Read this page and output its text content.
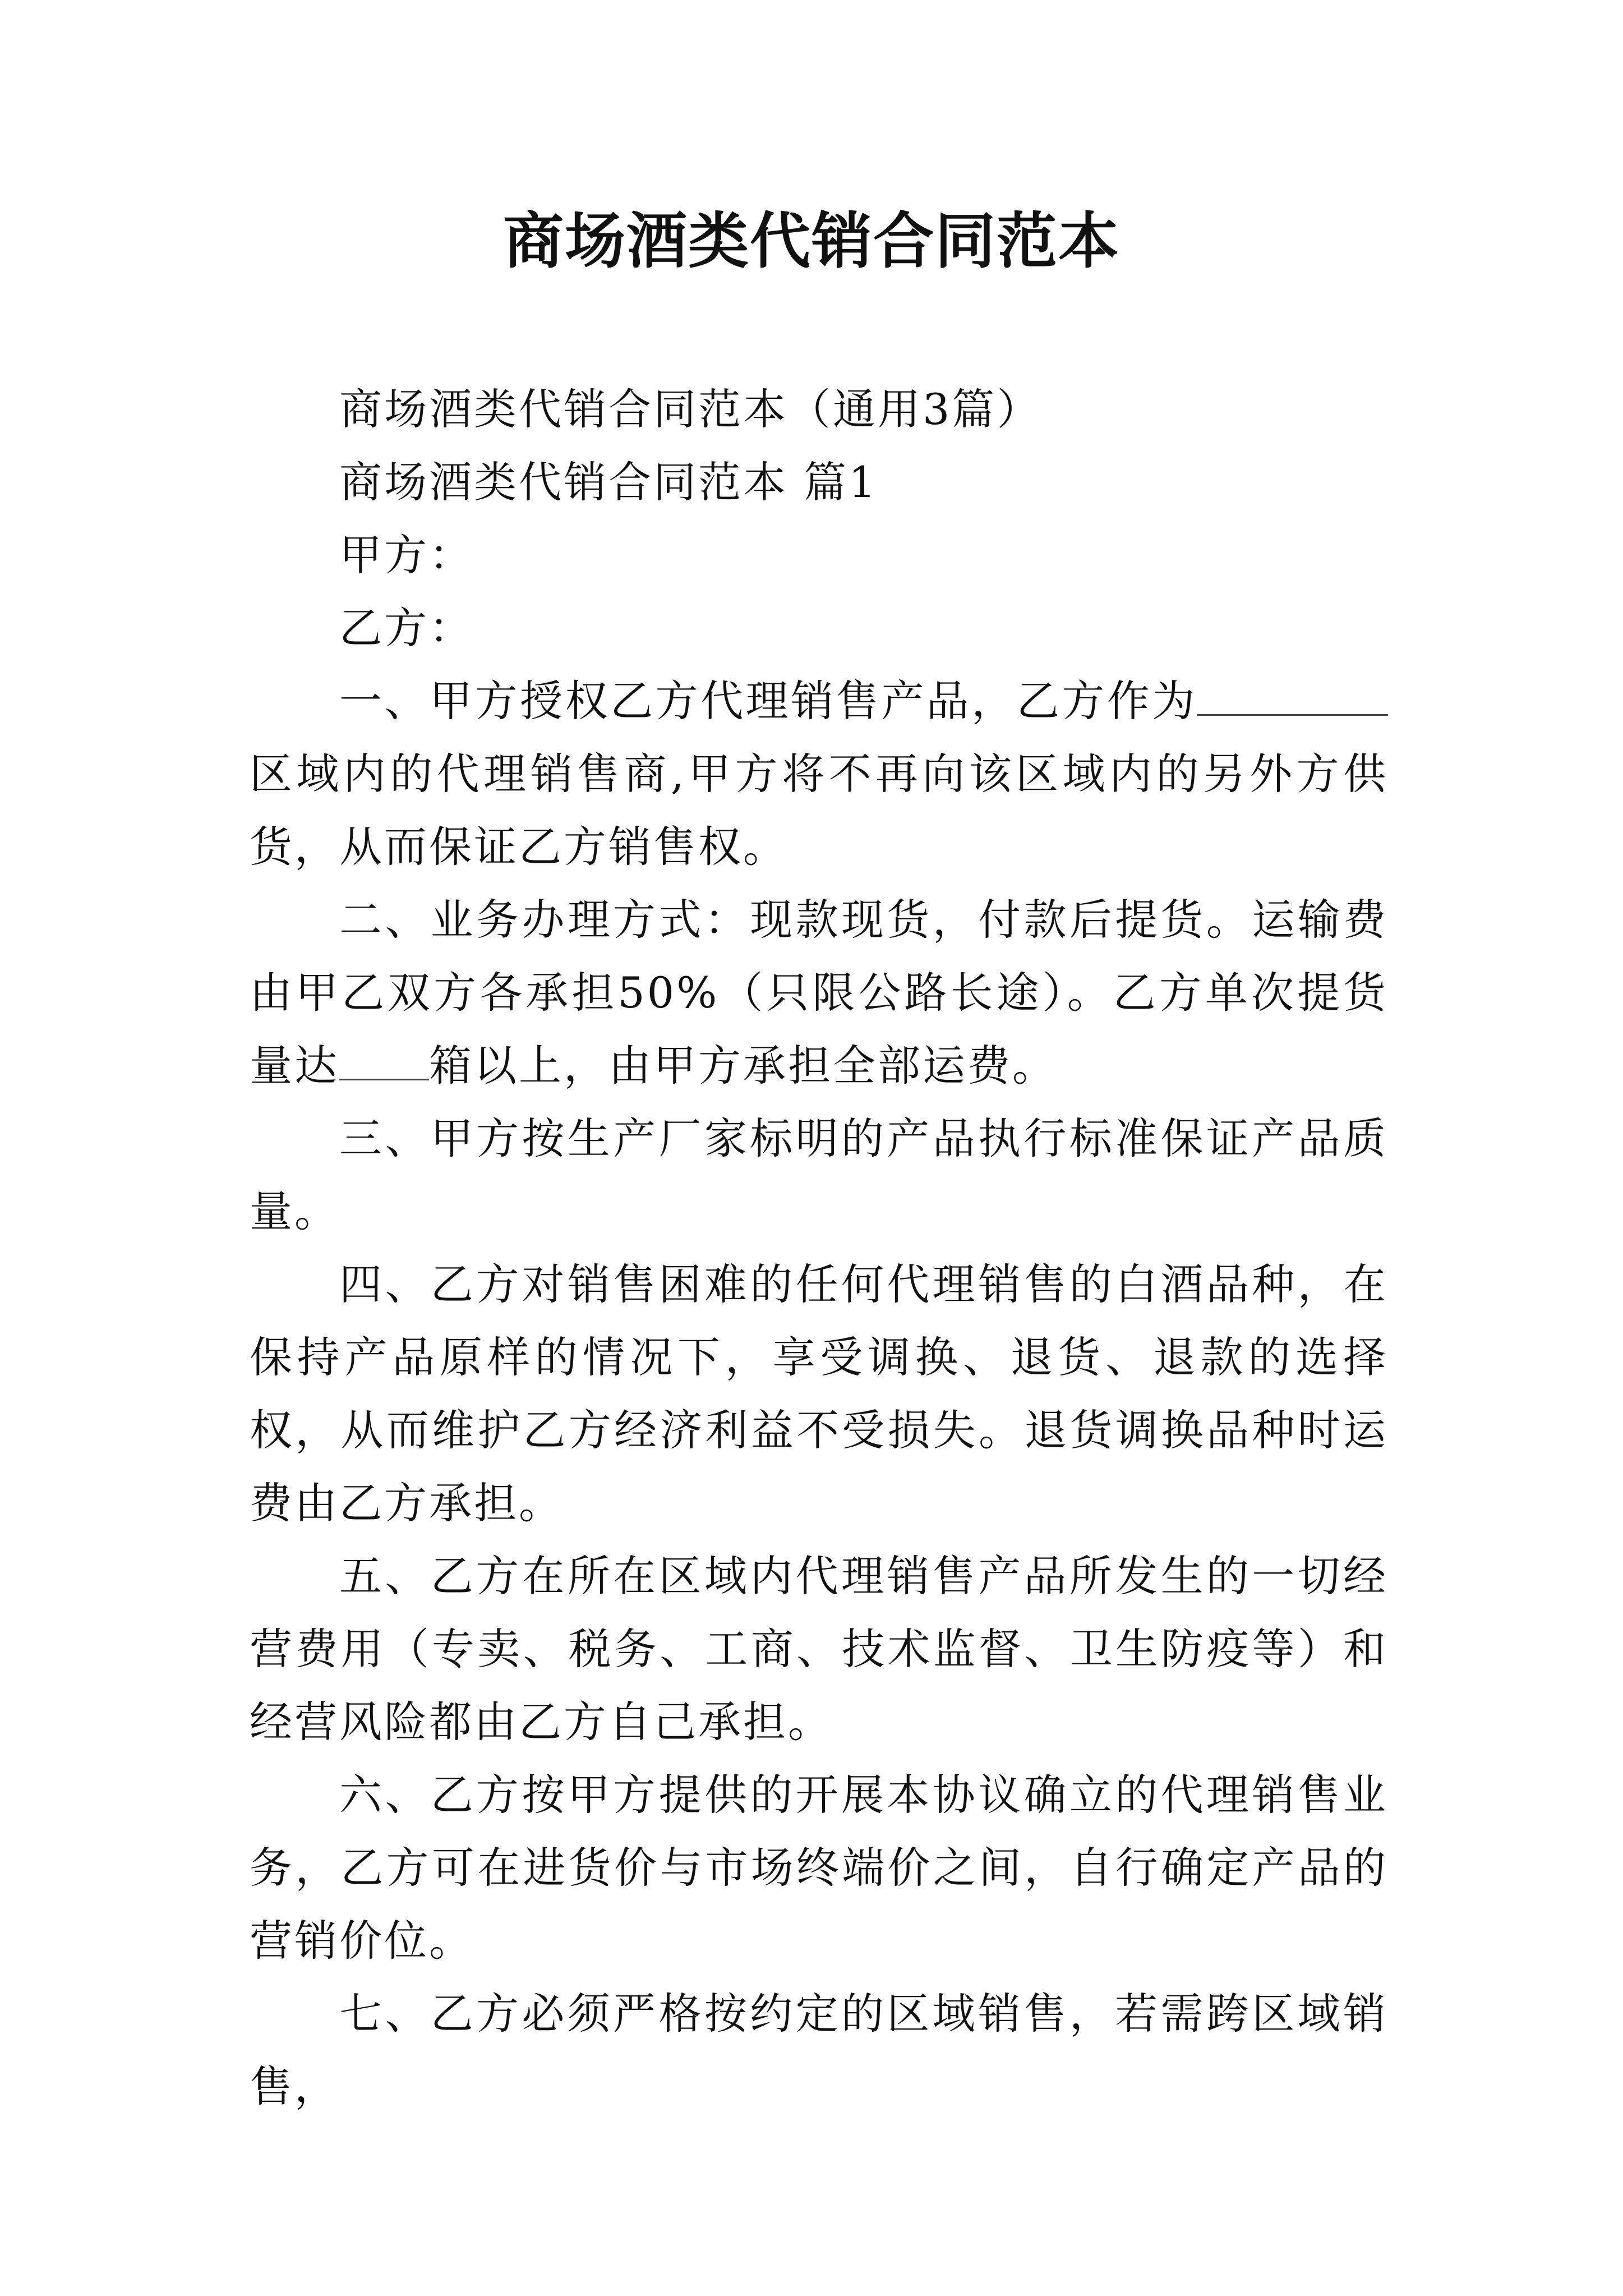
商场酒类代销合同范本

商场酒类代销合同范本（通用3篇）

商场酒类代销合同范本 篇1

甲方：

乙方：

一、甲方授权乙方代理销售产品，乙方作为区域内的代理销售商,甲方将不再向该区域内的另外方供货，从而保证乙方销售权。

二、业务办理方式：现款现货，付款后提货。运输费由甲乙双方各承担50%（只限公路长途）。乙方单次提货量达 箱以上，由甲方承担全部运费。

三、甲方按生产厂家标明的产品执行标准保证产品质量。

四、乙方对销售困难的任何代理销售的白酒品种，在保持产品原样的情况下，享受调换、退货、退款的选择权，从而维护乙方经济利益不受损失。退货调换品种时运费由乙方承担。

五、乙方在所在区域内代理销售产品所发生的一切经营费用（专卖、税务、工商、技术监督、卫生防疫等）和经营风险都由乙方自己承担。

六、乙方按甲方提供的开展本协议确立的代理销售业务，乙方可在进货价与市场终端价之间，自行确定产品的营销价位。

七、乙方必须严格按约定的区域销售，若需跨区域销售，
